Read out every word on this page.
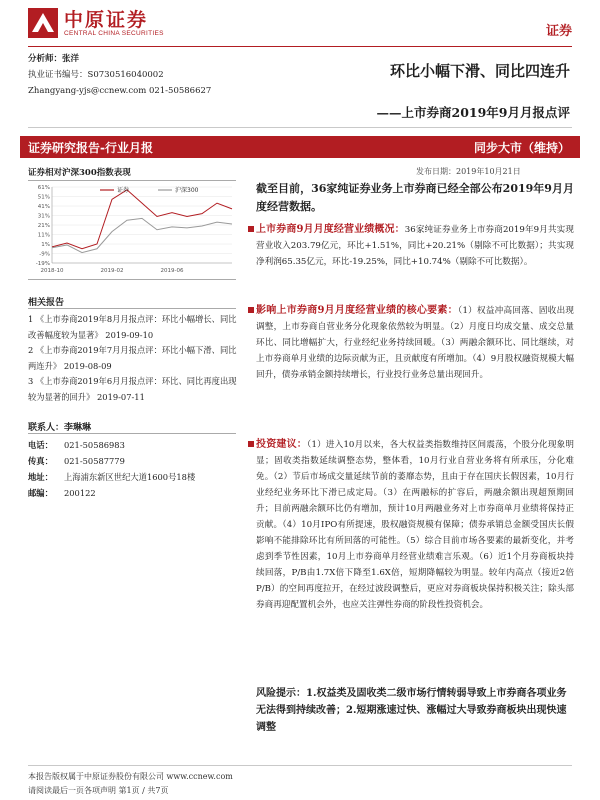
中原证券
CENTRAL CHINA SECURITIES	证券
分析师：张洋
执业证书编号：S0730516040002
Zhangyang-yjs@ccnew.com 021-50586627
环比小幅下滑、同比四连升
——上市券商2019年9月月报点评
证券研究报告-行业月报	同步大市（维持）
证券相对沪深300指数表现
61%
51%
41%
31%
21%
11%
1%
-9%
-19%
2018-10	2019-02	2019-06
证券	沪深300
相关报告
1 《上市券商2019年8月月报点评：环比小幅增长、同比改善幅度较为显著》 2019-09-10
2 《上市券商2019年7月月报点评：环比小幅下滑、同比两连升》 2019-08-09
3 《上市券商2019年6月月报点评：环比、同比再度出现较为显著的回升》 2019-07-11
联系人：李琳琳
电话： 021-50586983
传真： 021-50587779
地址： 上海浦东新区世纪大道1600号18楼
邮编： 200122
发布日期：2019年10月21日
截至目前，36家纯证券业务上市券商已经全部公布2019年9月月度经营数据。
上市券商9月月度经营业绩概况：36家纯证券业务上市券商2019年9月共实现营业收入203.79亿元，环比+1.51%，同比+20.21%（剔除不可比数据）；共实现净利润65.35亿元，环比-19.25%，同比+10.74%（剔除不可比数据）。
影响上市券商9月月度经营业绩的核心要素：（1）权益冲高回落、固收出现调整，上市券商自营业务分化现象依然较为明显。（2）月度日均成交量、成交总量环比、同比增幅扩大，行业经纪业务持续回暖。（3）两融余额环比、同比继续，对上市券商单月业绩的边际贡献为正，且贡献度有所增加。（4）9月股权融资规模大幅回升，债券承销金额持续增长，行业投行业务总量出现回升。
投资建议：（1）进入10月以来，各大权益类指数维持区间震荡，个股分化现象明显；固收类指数延续调整态势，整体看，10月行业自营业务将有所承压，分化难免。（2）节后市场成交量延续节前的萎靡态势，且由于存在国庆长假因素，10月行业经纪业务环比下滑已成定局。（3）在两融标的扩容后，两融余额出现超预期回升；目前两融余额环比仍有增加，预计10月两融业务对上市券商单月业绩将保持正贡献。（4）10月IPO有所提速，股权融资规模有保障；债券承销总金额受国庆长假影响不能排除环比有所回落的可能性。（5）综合目前市场各要素的最新变化，并考虑到季节性因素，10月上市券商单月经营业绩难言乐观。（6）近1个月券商板块持续回落，P/B由1.7X倍下降至1.6X倍，短期降幅较为明显。较年内高点（接近2倍P/B）的空间再度拉开，在经过波段调整后，更应对券商板块保持积极关注；除头部券商再迎配置机会外，也应关注弹性券商的阶段性投资机会。
风险提示：1.权益类及固收类二级市场行情转弱导致上市券商各项业务无法得到持续改善；2.短期涨速过快、涨幅过大导致券商板块出现快速调整
本报告版权属于中原证券股份有限公司 www.ccnew.com
请阅读最后一页各项声明 第1页 / 共7页
